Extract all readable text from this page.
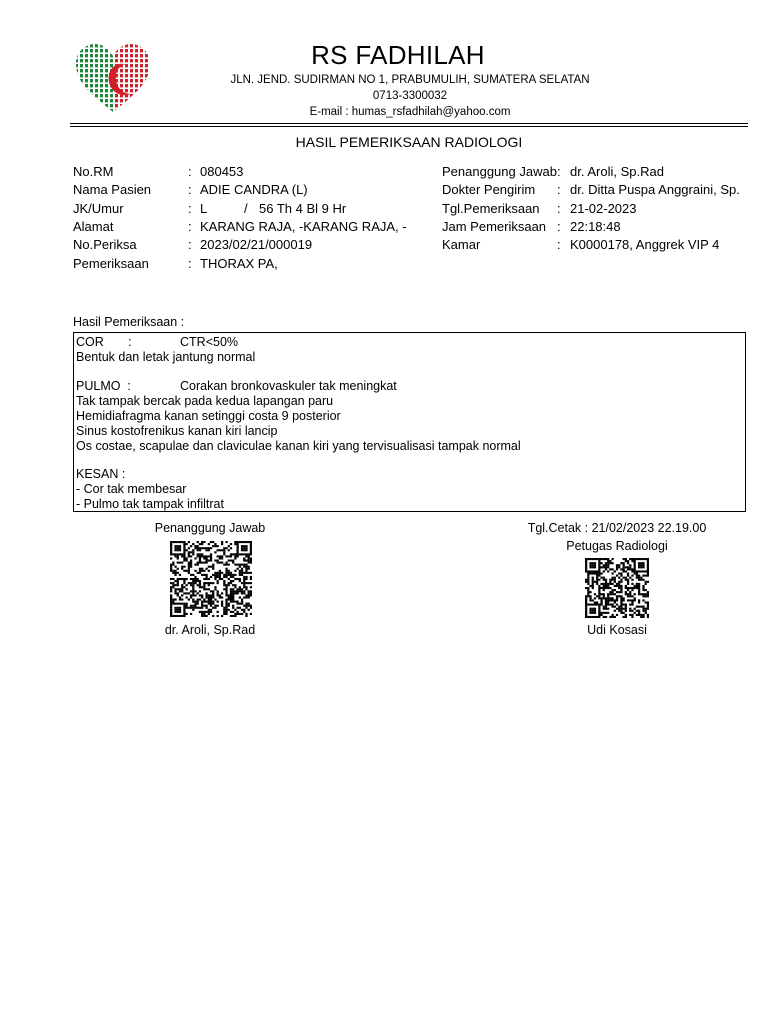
RS FADHILAH
JLN. JEND. SUDIRMAN NO 1, PRABUMULIH, SUMATERA SELATAN
0713-3300032
E-mail : humas_rsfadhilah@yahoo.com
HASIL PEMERIKSAAN RADIOLOGI
No.RM	: 080453
Nama Pasien	: ADIE CANDRA (L)
JK/Umur	: L	/ 56 Th 4 Bl 9 Hr
Alamat	: KARANG RAJA, -KARANG RAJA, -
No.Periksa	: 2023/02/21/000019
Pemeriksaan	: THORAX PA,
Penanggung Jawab : dr. Aroli, Sp.Rad
Dokter Pengirim : dr. Ditta Puspa Anggraini, Sp.
Tgl.Pemeriksaan : 21-02-2023
Jam Pemeriksaan : 22:18:48
Kamar	: K0000178, Anggrek VIP 4
Hasil Pemeriksaan :
COR       :	CTR<50%
Bentuk dan letak jantung normal
PULMO  :	Corakan bronkovaskuler tak meningkat
Tak tampak bercak pada kedua lapangan paru
Hemidiafragma kanan setinggi costa 9 posterior
Sinus kostofrenikus kanan kiri lancip
Os costae, scapulae dan claviculae kanan kiri yang tervisualisasi tampak normal
KESAN :
- Cor tak membesar
- Pulmo tak tampak infiltrat
Penanggung Jawab
dr. Aroli, Sp.Rad
Tgl.Cetak : 21/02/2023 22.19.00
Petugas Radiologi
Udi Kosasi
